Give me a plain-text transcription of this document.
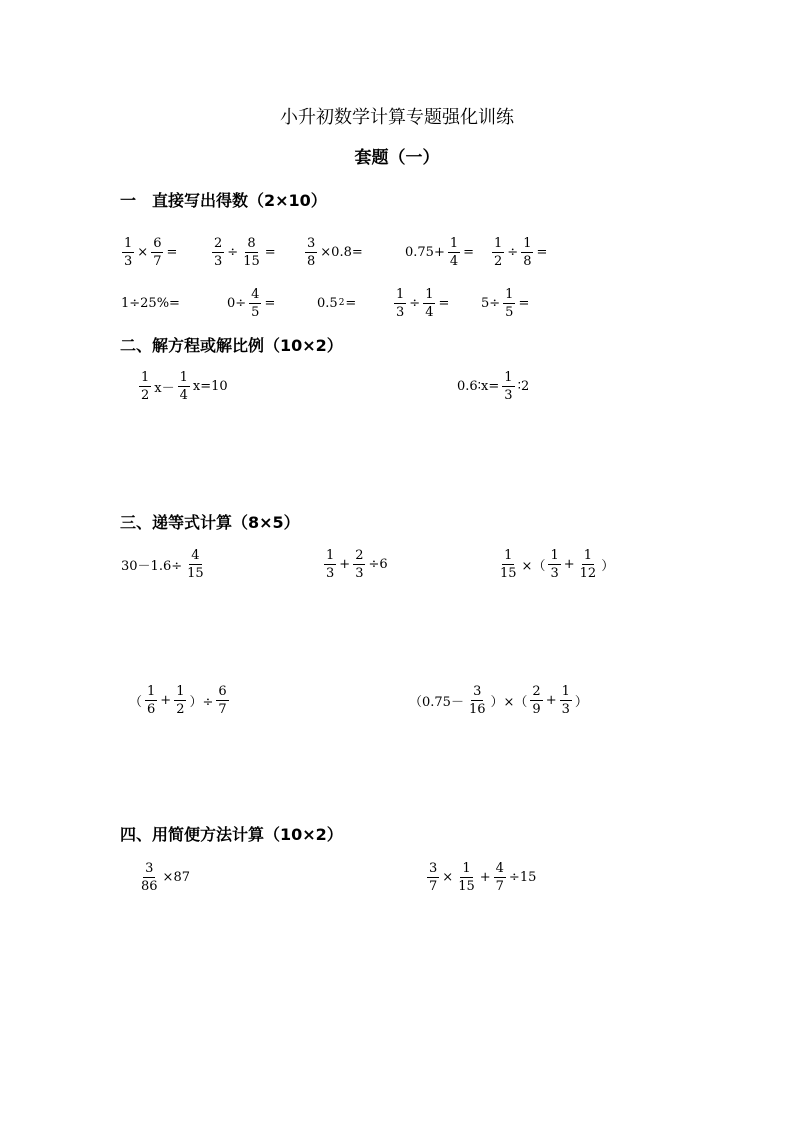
小升初数学计算专题强化训练
套题（一）
一　直接写出得数（2×10）
$\frac{1}{3} \times \frac{6}{7}$ =	$\frac{2}{3} \div \frac{8}{15} = \frac{3}{8} \times 0.8=$	$0.75+ \frac{1}{4} = \frac{1}{2} \div \frac{1}{8}$ =
1÷25%=	$0\div \frac{4}{5}$ =	0.5 2 =	$\frac{1}{3} \div \frac{1}{4} = 5\div \frac{1}{5}$ =
二、解方程或解比例（10×2）
$\frac{1}{2} x- \frac{1}{4} x=10$	0.6∶x= $\frac{1}{3}$ ∶2
三、递等式计算（8×5）
$30-1.6\div \frac{4}{15}$	$\frac{1}{3} + \frac{2}{3} \div 6$	$\frac{1}{15}$ ×（ $\frac{1}{3} + \frac{1}{12}$ ）
（ $\frac{1}{6} + \frac{1}{2}$ ）÷ $\frac{6}{7}$	（$0.75- \frac{3}{16}$ ）×（ $\frac{2}{9} + \frac{1}{3}$ ）
四、用简便方法计算（10×2）
$\frac{3}{86} \times 87$	$\frac{3}{7} \times \frac{1}{15} + \frac{4}{7} \div 15$
